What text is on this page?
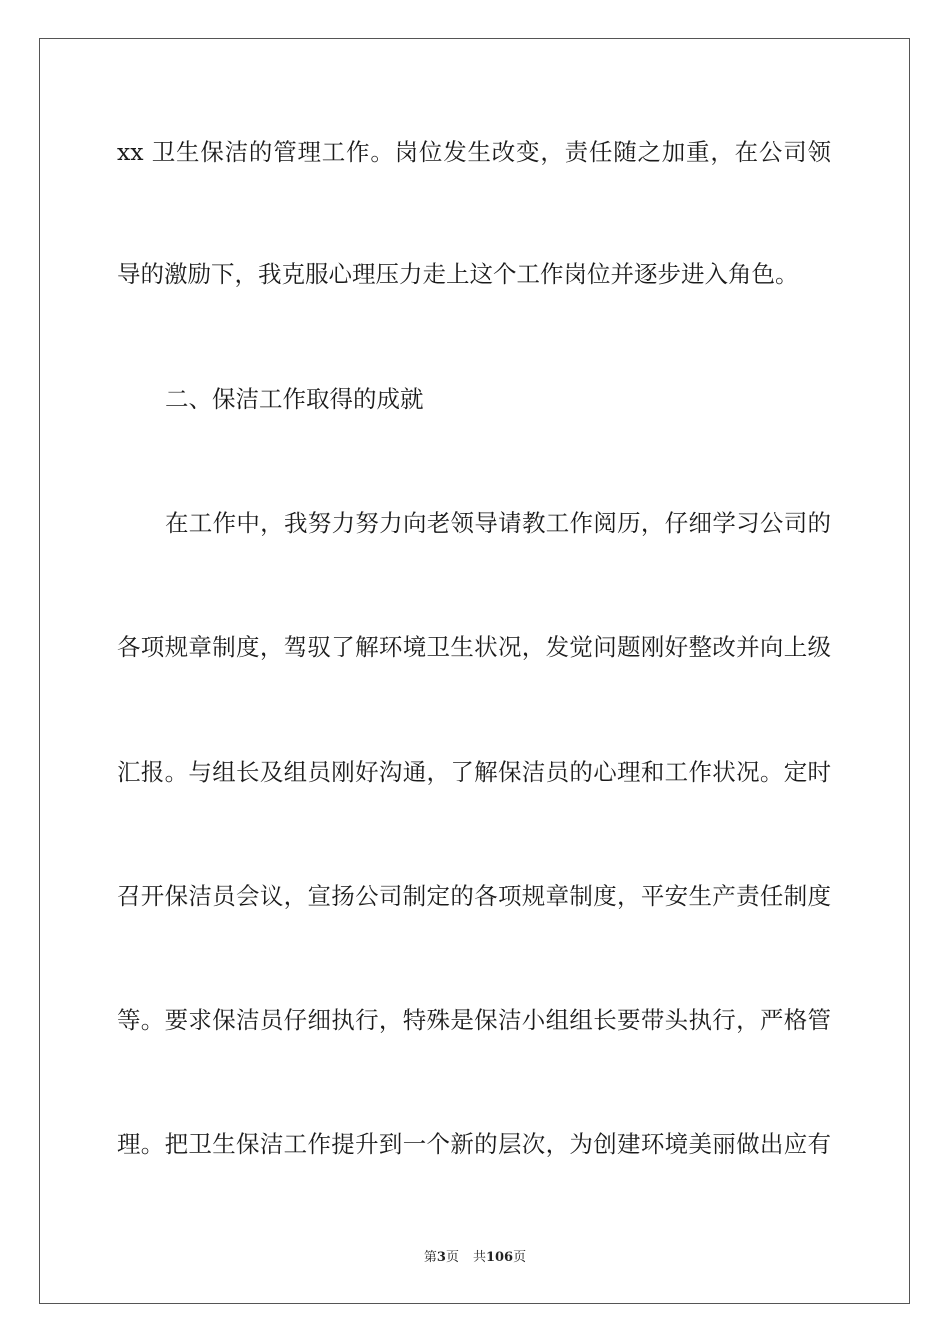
xx 卫生保洁的管理工作。岗位发生改变，责任随之加重，在公司领
导的激励下，我克服心理压力走上这个工作岗位并逐步进入角色。
二、保洁工作取得的成就
在工作中，我努力努力向老领导请教工作阅历，仔细学习公司的
各项规章制度，驾驭了解环境卫生状况，发觉问题刚好整改并向上级
汇报。与组长及组员刚好沟通，了解保洁员的心理和工作状况。定时
召开保洁员会议，宣扬公司制定的各项规章制度，平安生产责任制度
等。要求保洁员仔细执行，特殊是保洁小组组长要带头执行，严格管
理。把卫生保洁工作提升到一个新的层次，为创建环境美丽做出应有
第3页 共106页
